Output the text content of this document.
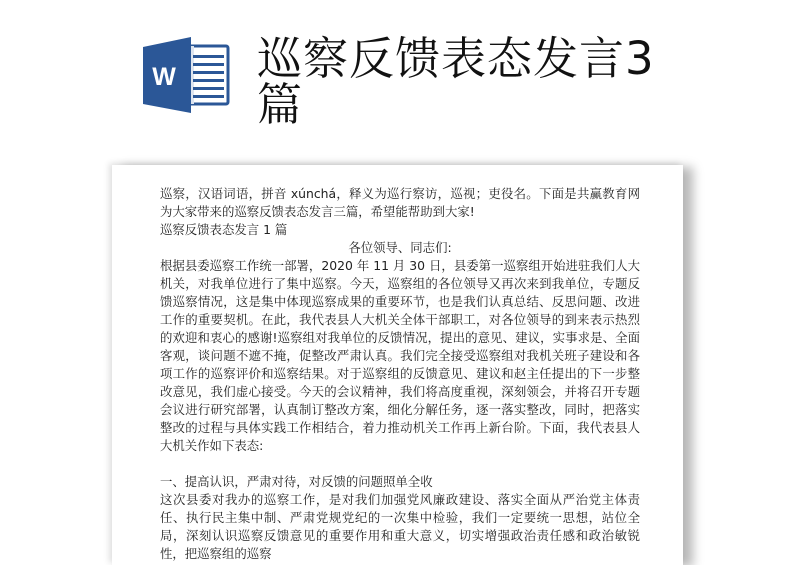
W 巡察反馈表态发言3篇

巡察，汉语词语，拼音 xúnchá，释义为巡行察访，巡视；吏役名。下面是共赢教育网为大家带来的巡察反馈表态发言三篇，希望能帮助到大家!

巡察反馈表态发言 1 篇

各位领导、同志们:

根据县委巡察工作统一部署，2020 年 11 月 30 日，县委第一巡察组开始进驻我们人大机关，对我单位进行了集中巡察。今天，巡察组的各位领导又再次来到我单位，专题反馈巡察情况，这是集中体现巡察成果的重要环节，也是我们认真总结、反思问题、改进工作的重要契机。在此，我代表县人大机关全体干部职工，对各位领导的到来表示热烈的欢迎和衷心的感谢!巡察组对我单位的反馈情况，提出的意见、建议，实事求是、全面客观，谈问题不遮不掩，促整改严肃认真。我们完全接受巡察组对我机关班子建设和各项工作的巡察评价和巡察结果。对于巡察组的反馈意见、建议和赵主任提出的下一步整改意见，我们虚心接受。今天的会议精神，我们将高度重视，深刻领会，并将召开专题会议进行研究部署，认真制订整改方案，细化分解任务，逐一落实整改，同时，把落实整改的过程与具体实践工作相结合，着力推动机关工作再上新台阶。下面，我代表县人大机关作如下表态:

一、提高认识，严肃对待，对反馈的问题照单全收

这次县委对我办的巡察工作，是对我们加强党风廉政建设、落实全面从严治党主体责任、执行民主集中制、严肃党规党纪的一次集中检验，我们一定要统一思想，站位全局，深刻认识巡察反馈意见的重要作用和重大意义，切实增强政治责任感和政治敏锐性，把巡察组的巡察
